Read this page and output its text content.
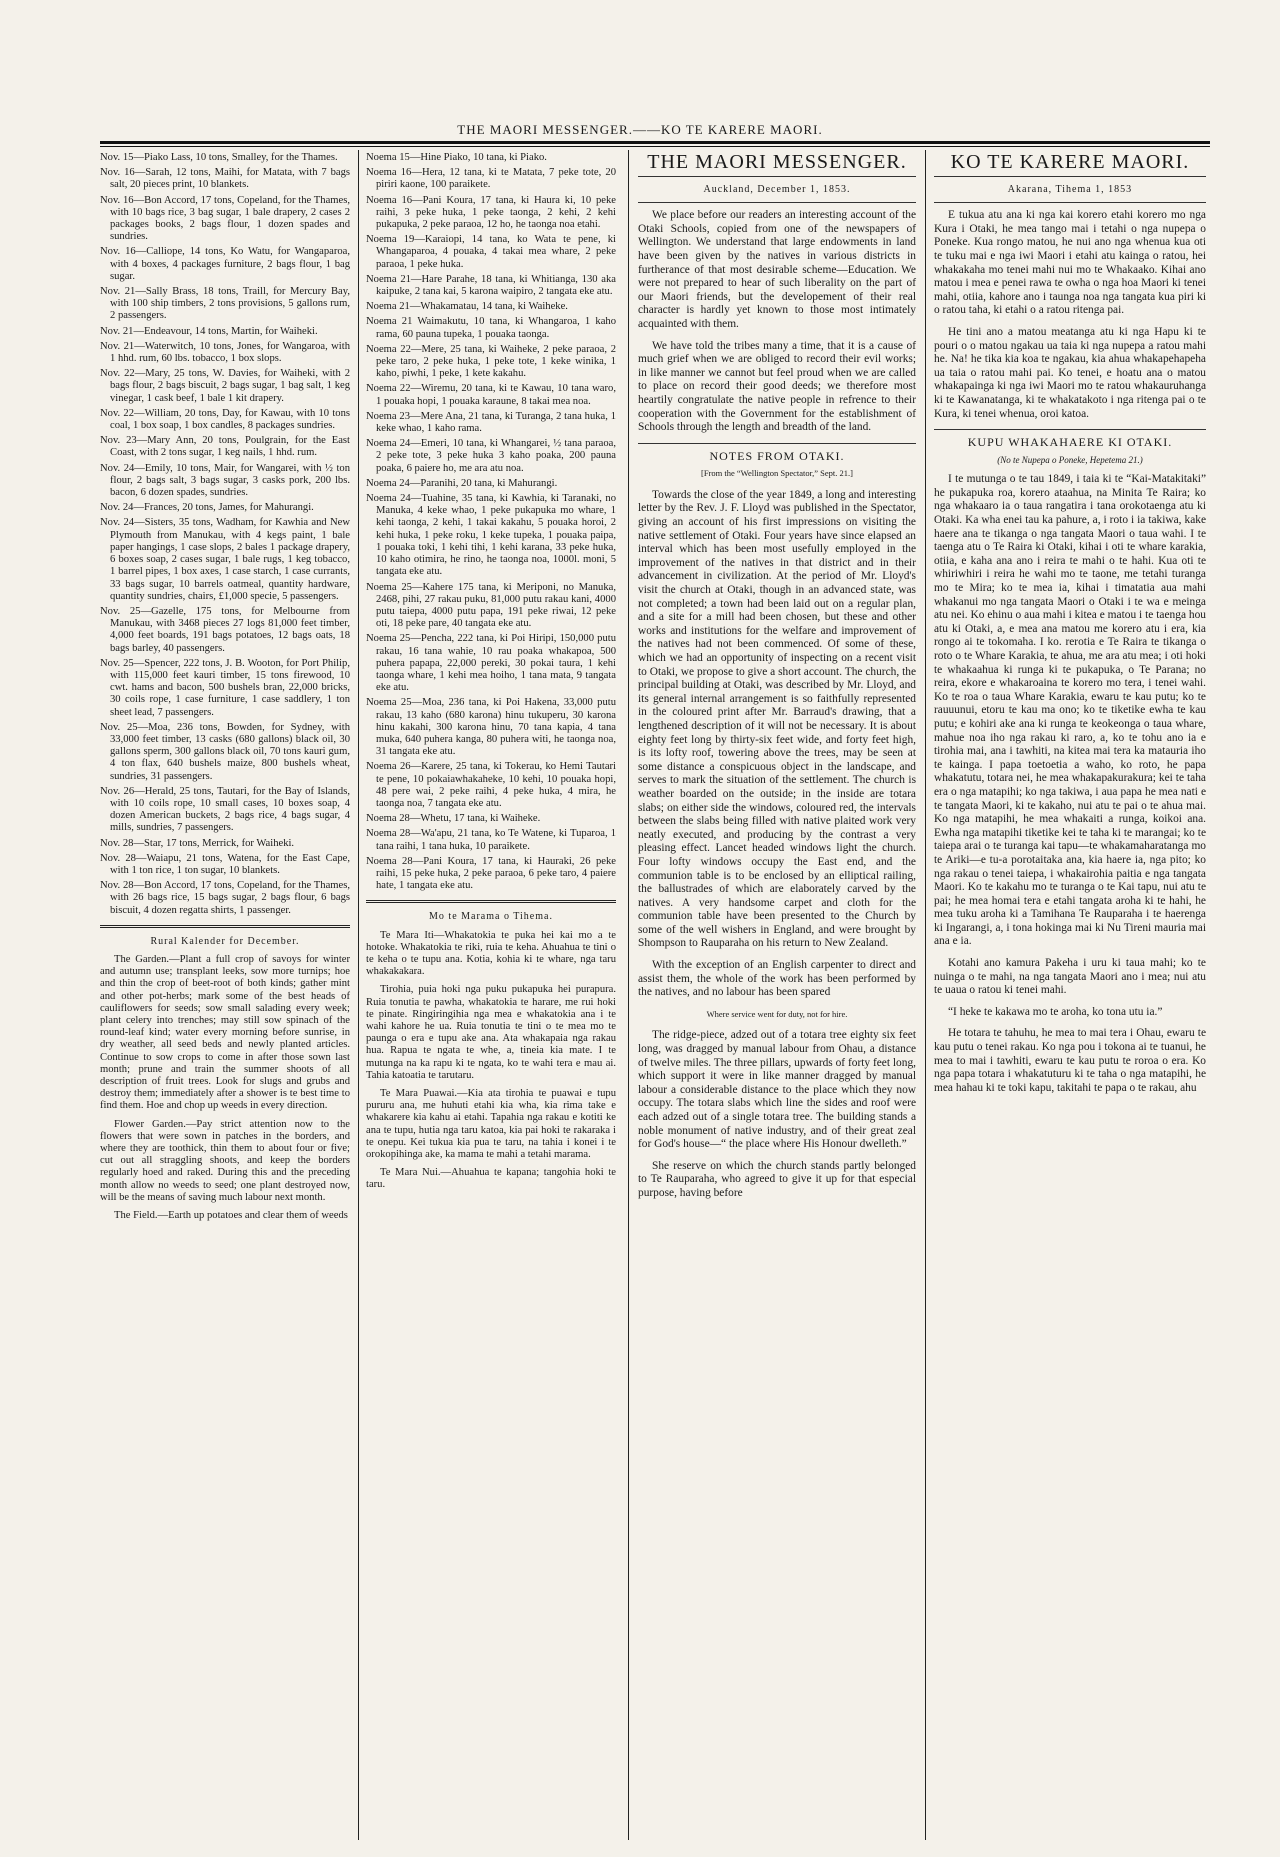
THE MAORI MESSENGER.——KO TE KARERE MAORI.
Nov. 15—Piako Lass, 10 tons, Smalley, for the Thames.
Nov. 16—Sarah, 12 tons, Maihi, for Matata, with 7 bags salt, 20 pieces print, 10 blankets.
Nov. 16—Bon Accord, 17 tons, Copeland, for the Thames, with 10 bags rice, 3 bag sugar, 1 bale drapery, 2 cases 2 packages books, 2 bags flour, 1 dozen spades and sundries.
Nov. 16—Calliope, 14 tons, Ko Watu, for Wangaparoa, with 4 boxes, 4 packages furniture, 2 bags flour, 1 bag sugar.
Nov. 21—Sally Brass, 18 tons, Traill, for Mercury Bay, with 100 ship timbers, 2 tons provisions, 5 gallons rum, 2 passengers.
Nov. 21—Endeavour, 14 tons, Martin, for Waiheki.
Nov. 21—Waterwitch, 10 tons, Jones, for Wangaroa, with 1 hhd. rum, 60 lbs. tobacco, 1 box slops.
Nov. 22—Mary, 25 tons, W. Davies, for Waiheki, with 2 bags flour, 2 bags biscuit, 2 bags sugar, 1 bag salt, 1 keg vinegar, 1 cask beef, 1 bale 1 kit drapery.
Nov. 22—William, 20 tons, Day, for Kawau, with 10 tons coal, 1 box soap, 1 box candles, 8 packages sundries.
Nov. 23—Mary Ann, 20 tons, Poulgrain, for the East Coast, with 2 tons sugar, 1 keg nails, 1 hhd. rum.
Nov. 24—Emily, 10 tons, Mair, for Wangarei, with ½ ton flour, 2 bags salt, 3 bags sugar, 3 casks pork, 200 lbs. bacon, 6 dozen spades, sundries.
Nov. 24—Frances, 20 tons, James, for Mahurangi.
Nov. 24—Sisters, 35 tons, Wadham, for Kawhia and New Plymouth from Manukau, with 4 kegs paint, 1 bale paper hangings, 1 case slops, 2 bales 1 package drapery, 6 boxes soap, 2 cases sugar, 1 bale rugs, 1 keg tobacco, 1 barrel pipes, 1 box axes, 1 case starch, 1 case currants, 33 bags sugar, 10 barrels oatmeal, quantity hardware, quantity sundries, chairs, £1,000 specie, 5 passengers.
Nov. 25—Gazelle, 175 tons, for Melbourne from Manukau, with 3468 pieces 27 logs 81,000 feet timber, 4,000 feet boards, 191 bags potatoes, 12 bags oats, 18 bags barley, 40 passengers.
Nov. 25—Spencer, 222 tons, J. B. Wooton, for Port Philip, with 115,000 feet kauri timber, 15 tons firewood, 10 cwt. hams and bacon, 500 bushels bran, 22,000 bricks, 30 coils rope, 1 case furniture, 1 case saddlery, 1 ton sheet lead, 7 passengers.
Nov. 25—Moa, 236 tons, Bowden, for Sydney, with 33,000 feet timber, 13 casks (680 gallons) black oil, 30 gallons sperm, 300 gallons black oil, 70 tons kauri gum, 4 ton flax, 640 bushels maize, 800 bushels wheat, sundries, 31 passengers.
Nov. 26—Herald, 25 tons, Tautari, for the Bay of Islands, with 10 coils rope, 10 small cases, 10 boxes soap, 4 dozen American buckets, 2 bags rice, 4 bags sugar, 4 mills, sundries, 7 passengers.
Nov. 28—Star, 17 tons, Merrick, for Waiheki.
Nov. 28—Waiapu, 21 tons, Watena, for the East Cape, with 1 ton rice, 1 ton sugar, 10 blankets.
Nov. 28—Bon Accord, 17 tons, Copeland, for the Thames, with 26 bags rice, 15 bags sugar, 2 bags flour, 6 bags biscuit, 4 dozen regatta shirts, 1 passenger.
Rural Kalender for December.

The Garden.—Plant a full crop of savoys for winter and autumn use; transplant leeks, sow more turnips; hoe and thin the crop of beet-root of both kinds; gather mint and other pot-herbs; mark some of the best heads of cauliflowers for seeds; sow small salading every week; plant celery into trenches; may still sow spinach of the round-leaf kind; water every morning before sunrise, in dry weather, all seed beds and newly planted articles. Continue to sow crops to come in after those sown last month; prune and train the summer shoots of all description of fruit trees. Look for slugs and grubs and destroy them; immediately after a shower is te best time to find them. Hoe and chop up weeds in every direction.

Flower Garden.—Pay strict attention now to the flowers that were sown in patches in the borders, and where they are toothick, thin them to about four or five; cut out all straggling shoots, and keep the borders regularly hoed and raked. During this and the preceding month allow no weeds to seed; one plant destroyed now, will be the means of saving much labour next month.

The Field.—Earth up potatoes and clear them of weeds

Noema 15—Hine Piako, 10 tana, ki Piako.
Noema 16—Hera, 12 tana, ki te Matata, 7 peke tote, 20 piriri kaone, 100 paraikete.
Noema 16—Pani Koura, 17 tana, ki Haura ki, 10 peke raihi, 3 peke huka, 1 peke taonga, 2 kehi, 2 kehi pukapuka, 2 peke paraoa, 12 ho, he taonga noa etahi.
Noema 19—Karaiopi, 14 tana, ko Wata te pene, ki Whangaparoa, 4 pouaka, 4 takai mea whare, 2 peke paraoa, 1 peke huka.
Noema 21—Hare Parahe, 18 tana, ki Whitianga, 130 aka kaipuke, 2 tana kai, 5 karona waipiro, 2 tangata eke atu.
Noema 21—Whakamatau, 14 tana, ki Waiheke.
Noema 21 Waimakutu, 10 tana, ki Whangaroa, 1 kaho rama, 60 pauna tupeka, 1 pouaka taonga.
Noema 22—Mere, 25 tana, ki Waiheke, 2 peke paraoa, 2 peke taro, 2 peke huka, 1 peke tote, 1 keke winika, 1 kaho, piwhi, 1 peke, 1 kete kakahu.
Noema 22—Wiremu, 20 tana, ki te Kawau, 10 tana waro, 1 pouaka hopi, 1 pouaka karaune, 8 takai mea noa.
Noema 23—Mere Ana, 21 tana, ki Turanga, 2 tana huka, 1 keke whao, 1 kaho rama.
Noema 24—Emeri, 10 tana, ki Whangarei, ½ tana paraoa, 2 peke tote, 3 peke huka 3 kaho poaka, 200 pauna poaka, 6 paiere ho, me ara atu noa.
Noema 24—Paranihi, 20 tana, ki Mahurangi.
Noema 24—Tuahine, 35 tana, ki Kawhia, ki Taranaki, no Manuka, 4 keke whao, 1 peke pukapuka mo whare, 1 kehi taonga, 2 kehi, 1 takai kakahu, 5 pouaka horoi, 2 kehi huka, 1 peke roku, 1 keke tupeka, 1 pouaka paipa, 1 pouaka toki, 1 kehi tihi, 1 kehi karana, 33 peke huka, 10 kaho otimira, he rino, he taonga noa, 1000l. moni, 5 tangata eke atu.
Noema 25—Kahere 175 tana, ki Meriponi, no Manuka, 2468, pihi, 27 rakau puku, 81,000 putu rakau kani, 4000 putu taiepa, 4000 putu papa, 191 peke riwai, 12 peke oti, 18 peke pare, 40 tangata eke atu.
Noema 25—Pencha, 222 tana, ki Poi Hiripi, 150,000 putu rakau, 16 tana wahie, 10 rau poaka whakapoa, 500 puhera papapa, 22,000 pereki, 30 pokai taura, 1 kehi taonga whare, 1 kehi mea hoiho, 1 tana mata, 9 tangata eke atu.
Noema 25—Moa, 236 tana, ki Poi Hakena, 33,000 putu rakau, 13 kaho (680 karona) hinu tukuperu, 30 karona hinu kakahi, 300 karona hinu, 70 tana kapia, 4 tana muka, 640 puhera kanga, 80 puhera witi, he taonga noa, 31 tangata eke atu.
Noema 26—Karere, 25 tana, ki Tokerau, ko Hemi Tautari te pene, 10 pokaiawhakaheke, 10 kehi, 10 pouaka hopi, 48 pere wai, 2 peke raihi, 4 peke huka, 4 mira, he taonga noa, 7 tangata eke atu.
Noema 28—Whetu, 17 tana, ki Waiheke.
Noema 28—Wa'apu, 21 tana, ko Te Watene, ki Tuparoa, 1 tana raihi, 1 tana huka, 10 paraikete.
Noema 28—Pani Koura, 17 tana, ki Hauraki, 26 peke raihi, 15 peke huka, 2 peke paraoa, 6 peke taro, 4 paiere hate, 1 tangata eke atu.
Mo te Marama o Tihema.

Te Mara Iti—Whakatokia te puka hei kai mo a te hotoke. Whakatokia te riki, ruia te keha. Ahuahua te tini o te keha o te tupu ana. Kotia, kohia ki te whare, nga taru whakakakara.

Tirohia, puia hoki nga puku pukapuka hei purapura. Ruia tonutia te pawha, whakatokia te harare, me rui hoki te pinate. Ringiringihia nga mea e whakatokia ana i te wahi kahore he ua. Ruia tonutia te tini o te mea mo te paunga o era e tupu ake ana. Ata whakapaia nga rakau hua. Rapua te ngata te whe, a, tineia kia mate. I te mutunga na ka rapu ki te ngata, ko te wahi tera e mau ai. Tahia katoatia te tarutaru.

Te Mara Puawai.—Kia ata tirohia te puawai e tupu pururu ana, me huhuti etahi kia wha, kia rima take e whakarere kia kahu ai etahi. Tapahia nga rakau e kotiti ke ana te tupu, hutia nga taru katoa, kia pai hoki te rakaraka i te onepu. Kei tukua kia pua te taru, na tahia i konei i te orokopihinga ake, ka mama te mahi a tetahi marama.

Te Mara Nui.—Ahuahua te kapana; tangohia hoki te taru.

THE MAORI MESSENGER.
Auckland, December 1, 1853.

We place before our readers an interesting account of the Otaki Schools, copied from one of the newspapers of Wellington. We understand that large endowments in land have been given by the natives in various districts in furtherance of that most desirable scheme—Education. We were not prepared to hear of such liberality on the part of our Maori friends, but the developement of their real character is hardly yet known to those most intimately acquainted with them.

We have told the tribes many a time, that it is a cause of much grief when we are obliged to record their evil works; in like manner we cannot but feel proud when we are called to place on record their good deeds; we therefore most heartily congratulate the native people in refrence to their cooperation with the Government for the establishment of Schools through the length and breadth of the land.

NOTES FROM OTAKI.
[From the “Wellington Spectator,” Sept. 21.]

Towards the close of the year 1849, a long and interesting letter by the Rev. J. F. Lloyd was published in the Spectator, giving an account of his first impressions on visiting the native settlement of Otaki. Four years have since elapsed an interval which has been most usefully employed in the improvement of the natives in that district and in their advancement in civilization. At the period of Mr. Lloyd's visit the church at Otaki, though in an advanced state, was not completed; a town had been laid out on a regular plan, and a site for a mill had been chosen, but these and other works and institutions for the welfare and improvement of the natives had not been commenced. Of some of these, which we had an opportunity of inspecting on a recent visit to Otaki, we propose to give a short account. The church, the principal building at Otaki, was described by Mr. Lloyd, and its general internal arrangement is so faithfully represented in the coloured print after Mr. Barraud's drawing, that a lengthened description of it will not be necessary. It is about eighty feet long by thirty-six feet wide, and forty feet high, is its lofty roof, towering above the trees, may be seen at some distance a conspicuous object in the landscape, and serves to mark the situation of the settlement. The church is weather boarded on the outside; in the inside are totara slabs; on either side the windows, coloured red, the intervals between the slabs being filled with native plaited work very neatly executed, and producing by the contrast a very pleasing effect. Lancet headed windows light the church. Four lofty windows occupy the East end, and the communion table is to be enclosed by an elliptical railing, the ballustrades of which are elaborately carved by the natives. A very handsome carpet and cloth for the communion table have been presented to the Church by some of the well wishers in England, and were brought by Shompson to Rauparaha on his return to New Zealand.

With the exception of an English carpenter to direct and assist them, the whole of the work has been performed by the natives, and no labour has been spared

Where service went for duty, not for hire.

The ridge-piece, adzed out of a totara tree eighty six feet long, was dragged by manual labour from Ohau, a distance of twelve miles. The three pillars, upwards of forty feet long, which support it were in like manner dragged by manual labour a considerable distance to the place which they now occupy. The totara slabs which line the sides and roof were each adzed out of a single totara tree. The building stands a noble monument of native industry, and of their great zeal for God's house—“ the place where His Honour dwelleth.”

She reserve on which the church stands partly belonged to Te Rauparaha, who agreed to give it up for that especial purpose, having before

KO TE KARERE MAORI.
Akarana, Tihema 1, 1853

E tukua atu ana ki nga kai korero etahi korero mo nga Kura i Otaki, he mea tango mai i tetahi o nga nupepa o Poneke. Kua rongo matou, he nui ano nga whenua kua oti te tuku mai e nga iwi Maori i etahi atu kainga o ratou, hei whakakaha mo tenei mahi nui mo te Whakaako. Kihai ano matou i mea e penei rawa te owha o nga hoa Maori ki tenei mahi, otiia, kahore ano i taunga noa nga tangata kua piri ki o ratou taha, ki etahi o a ratou ritenga pai.

He tini ano a matou meatanga atu ki nga Hapu ki te pouri o o matou ngakau ua taia ki nga nupepa a ratou mahi he. Na! he tika kia koa te ngakau, kia ahua whakapehapeha ua taia o ratou mahi pai. Ko tenei, e hoatu ana o matou whakapainga ki nga iwi Maori mo te ratou whakauruhanga ki te Kawanatanga, ki te whakatakoto i nga ritenga pai o te Kura, ki tenei whenua, oroi katoa.

KUPU WHAKAHAERE KI OTAKI.
(No te Nupepa o Poneke, Hepetema 21.)

I te mutunga o te tau 1849, i taia ki te “Kai-Matakitaki” he pukapuka roa, korero ataahua, na Minita Te Raira; ko nga whakaaro ia o taua rangatira i tana orokotaenga atu ki Otaki. Ka wha enei tau ka pahure, a, i roto i ia takiwa, kake haere ana te tikanga o nga tangata Maori o taua wahi. I te taenga atu o Te Raira ki Otaki, kihai i oti te whare karakia, otiia, e kaha ana ano i reira te mahi o te hahi. Kua oti te whiriwhiri i reira he wahi mo te taone, me tetahi turanga mo te Mira; ko te mea ia, kihai i timatatia aua mahi whakanui mo nga tangata Maori o Otaki i te wa e meinga atu nei. Ko ehinu o aua mahi i kitea e matou i te taenga hou atu ki Otaki, a, e mea ana matou me korero atu i era, kia rongo ai te tokomaha. I ko. rerotia e Te Raira te tikanga o roto o te Whare Karakia, te ahua, me ara atu mea; i oti hoki te whakaahua ki runga ki te pukapuka, o Te Parana; no reira, ekore e whakaroaina te korero mo tera, i tenei wahi. Ko te roa o taua Whare Karakia, ewaru te kau putu; ko te rauuunui, etoru te kau ma ono; ko te tiketike ewha te kau putu; e kohiri ake ana ki runga te keokeonga o taua whare, mahue noa iho nga rakau ki raro, a, ko te tohu ano ia e tirohia mai, ana i tawhiti, na kitea mai tera ka matauria iho te kainga. I papa toetoetia a waho, ko roto, he papa whakatutu, totara nei, he mea whakapakurakura; kei te taha era o nga matapihi; ko nga takiwa, i aua papa he mea nati e te tangata Maori, ki te kakaho, nui atu te pai o te ahua mai. Ko nga matapihi, he mea whakaiti a runga, koikoi ana. Ewha nga matapihi tiketike kei te taha ki te marangai; ko te taiepa arai o te turanga kai tapu—te whakamaharatanga mo te Ariki—e tu-a porotaitaka ana, kia haere ia, nga pito; ko nga rakau o tenei taiepa, i whakairohia paitia e nga tangata Maori. Ko te kakahu mo te turanga o te Kai tapu, nui atu te pai; he mea homai tera e etahi tangata aroha ki te hahi, he mea tuku aroha ki a Tamihana Te Rauparaha i te haerenga ki Ingarangi, a, i tona hokinga mai ki Nu Tireni mauria mai ana e ia.

Kotahi ano kamura Pakeha i uru ki taua mahi; ko te nuinga o te mahi, na nga tangata Maori ano i mea; nui atu te uaua o ratou ki tenei mahi.

“I heke te kakawa mo te aroha, ko tona utu ia.”

He totara te tahuhu, he mea to mai tera i Ohau, ewaru te kau putu o tenei rakau. Ko nga pou i tokona ai te tuanui, he mea to mai i tawhiti, ewaru te kau putu te roroa o era. Ko nga papa totara i whakatuturu ki te taha o nga matapihi, he mea hahau ki te toki kapu, takitahi te papa o te rakau, ahu
